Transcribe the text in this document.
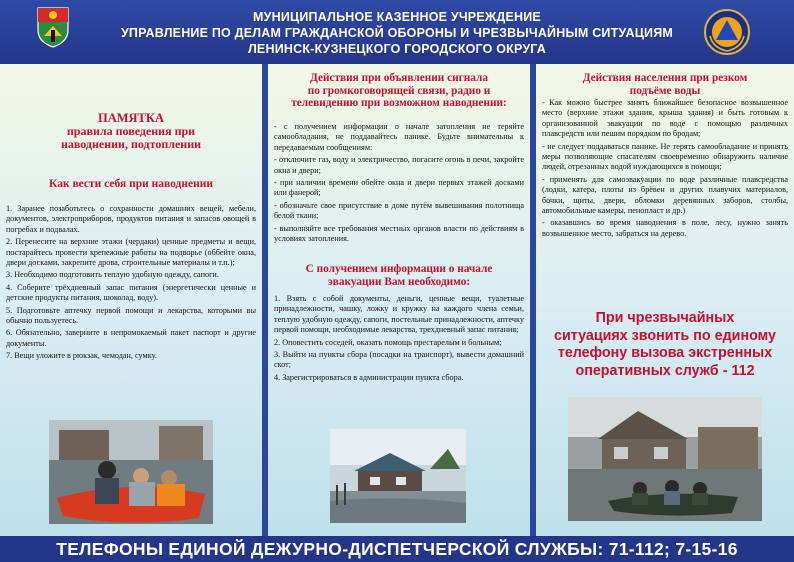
МУНИЦИПАЛЬНОЕ КАЗЕННОЕ УЧРЕЖДЕНИЕ
УПРАВЛЕНИЕ ПО ДЕЛАМ ГРАЖДАНСКОЙ ОБОРОНЫ И ЧРЕЗВЫЧАЙНЫМ СИТУАЦИЯМ
ЛЕНИНСК-КУЗНЕЦКОГО ГОРОДСКОГО ОКРУГА
ПАМЯТКА
правила поведения при
наводнении, подтоплении
Как вести себя при наводнении

1. Заранее позаботьтесь о сохранности домашних вещей, мебели, документов, электроприборов, продуктов питания и запасов овощей в погребах и подвалах.

2. Перенесите на верхние этажи (чердаки) ценные предметы и вещи, постарайтесь провести крепежные работы на подворье (оббейте окна, двери досками, закрепите дрова, строительные материалы и т.п.);

3. Необходимо подготовить теплую удобную одежду, сапоги.

4. Соберите трёхдневный запас питания (энергетически ценные и детские продукты питания, шоколад, воду).

5. Подготовьте аптечку первой помощи и лекарства, которыми вы обычно пользуетесь.

6. Обязательно, заверните в непромокаемый пакет паспорт и другие документы.

7. Вещи уложите в рюкзак, чемодан, сумку.

Действия при объявлении сигнала
по громкоговорящей связи, радио и
телевидению при возможном наводнении:

- с получением информации о начале затопления не теряйте самообладания, не поддавайтесь панике. Будьте внимательны к передаваемым сообщениям:

- отключите газ, воду и электричество, погасите огонь в печи, закройте окна и двери;

- при наличии времени обейте окна и двери первых этажей досками или фанерой;

- обозначьте свое присутствие в доме путём вывешивания полотнища белой ткани;

- выполняйте все требования местных органов власти по действиям в условиях затопления.

С получением информации о начале
эвакуации Вам необходимо:

1. Взять с собой документы, деньги, ценные вещи, туалетные принадлежности, чашку, ложку и кружку на каждого члена семьи, теплую удобную одежду, сапоги, постельные принадлежности, аптечку первой помощи, необходимые лекарства, трехдневный запас питания;

2. Оповестить соседей, оказать помощь престарелым и больным;

3. Выйти на пункты сбора (посадки на транспорт), вывести домашний скот;

4. Зарегистрироваться в администрации пункта сбора.

Действия населения при резком
подъёме воды

- Как можно быстрее занять ближайшее безопасное возвышенное место (верхние этажи здания, крыша здания) и быть готовым к организованной эвакуации по воде с помощью различных плавсредств или пешим порядком по бродам;

- не следует поддаваться панике. Не терять самообладание и принять меры позволяющие спасателям своевременно обнаружить наличие людей, отрезанных водой нуждающихся в помощи;

- применять для самоэвакуации по воде различные плавсредства (лодки, катера, плоты из брёвен и других плавучих материалов, бочки, щиты, двери, обломки деревянных заборов, столбы, автомобильные камеры, пенопласт и др.)

- оказавшись во время наводнения в поле, лесу, нужно занять возвышенное место, забраться на дерево.

При чрезвычайных
ситуациях звонить по единому
телефону вызова экстренных
оперативных служб - 112
ТЕЛЕФОНЫ ЕДИНОЙ ДЕЖУРНО-ДИСПЕТЧЕРСКОЙ СЛУЖБЫ: 71-112; 7-15-16
